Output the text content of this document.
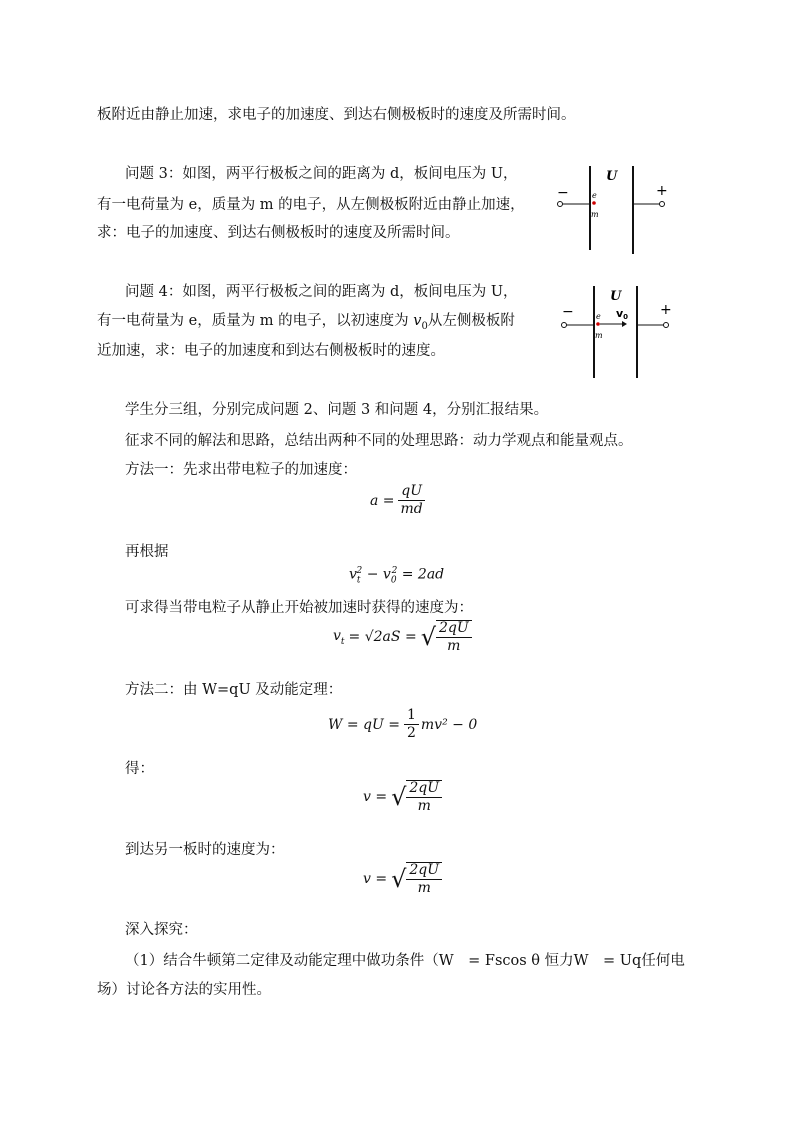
板附近由静止加速，求电子的加速度、到达右侧极板时的速度及所需时间。
问题 3：如图，两平行极板之间的距离为 d，板间电压为 U，
有一电荷量为 e，质量为 m 的电子，从左侧极板附近由静止加速，
求：电子的加速度、到达右侧极板时的速度及所需时间。
−	+
U
e
m
问题 4：如图，两平行极板之间的距离为 d，板间电压为 U，
有一电荷量为 e，质量为 m 的电子，以初速度为 $v_0$从左侧极板附
近加速，求：电子的加速度和到达右侧极板时的速度。
−	+
U
e
m
v0
学生分三组，分别完成问题 2、问题 3 和问题 4，分别汇报结果。
征求不同的解法和思路，总结出两种不同的处理思路：动力学观点和能量观点。
方法一：先求出带电粒子的加速度：
$a = \frac{qU}{md}$
再根据
$v_t^2 - v_0^2 = 2ad$
可求得当带电粒子从静止开始被加速时获得的速度为：
$v_t = √2aS$ = √ $\frac{2qU}{m}$
方法二：由 W=qU 及动能定理：
W = qU = $\frac{1}{2} mv^2 - 0$
得：
v = √ $\frac{2qU}{m}$
到达另一板时的速度为：
v = √ $\frac{2qU}{m}$
深入探究：
（1）结合牛顿第二定律及动能定理中做功条件（W　= Fscos θ 恒力W　= Uq任何电
场）讨论各方法的实用性。
